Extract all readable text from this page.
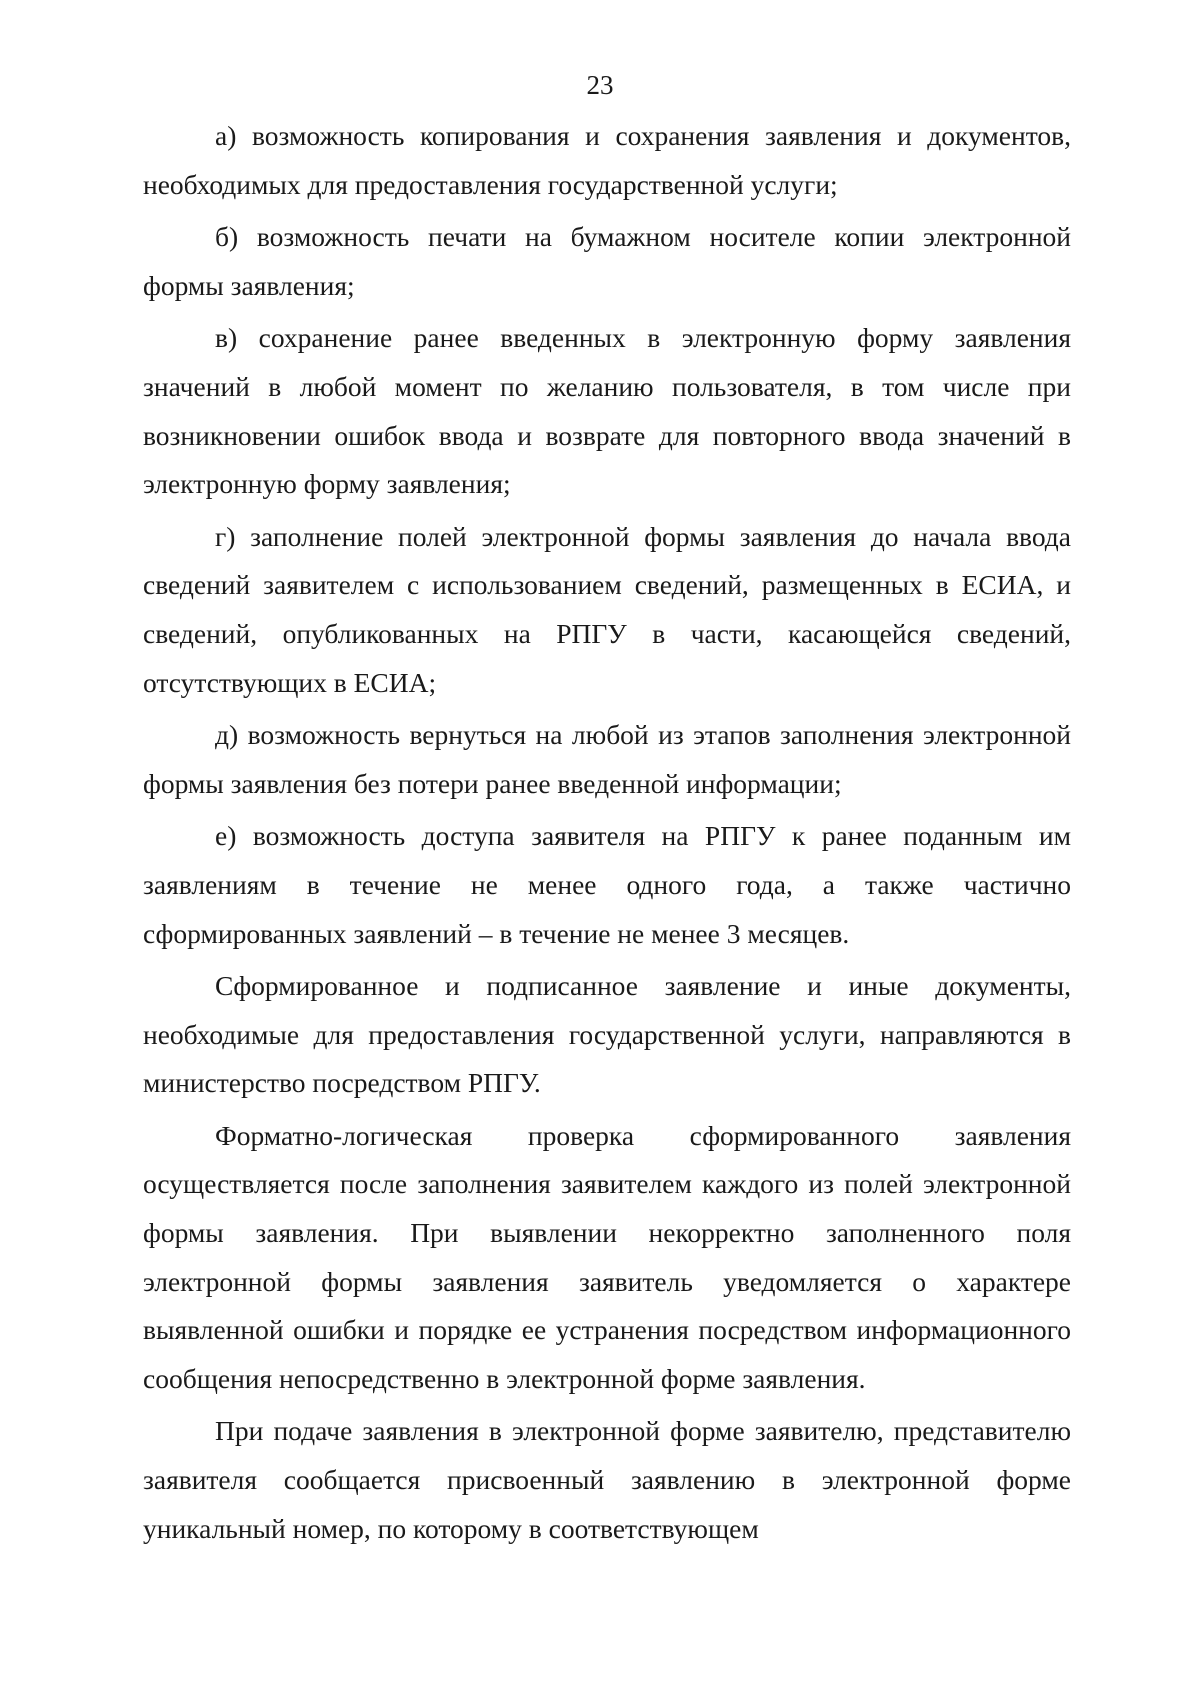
23

а) возможность копирования и сохранения заявления и документов, необходимых для предоставления государственной услуги;

б) возможность печати на бумажном носителе копии электронной формы заявления;

в) сохранение ранее введенных в электронную форму заявления значений в любой момент по желанию пользователя, в том числе при возникновении ошибок ввода и возврате для повторного ввода значений в электронную форму заявления;

г) заполнение полей электронной формы заявления до начала ввода сведений заявителем с использованием сведений, размещенных в ЕСИА, и сведений, опубликованных на РПГУ в части, касающейся сведений, отсутствующих в ЕСИА;

д) возможность вернуться на любой из этапов заполнения электронной формы заявления без потери ранее введенной информации;

е) возможность доступа заявителя на РПГУ к ранее поданным им заявлениям в течение не менее одного года, а также частично сформированных заявлений – в течение не менее 3 месяцев.

Сформированное и подписанное заявление и иные документы, необходимые для предоставления государственной услуги, направляются в министерство посредством РПГУ.

Форматно-логическая проверка сформированного заявления осуществляется после заполнения заявителем каждого из полей электронной формы заявления. При выявлении некорректно заполненного поля электронной формы заявления заявитель уведомляется о характере выявленной ошибки и порядке ее устранения посредством информационного сообщения непосредственно в электронной форме заявления.

При подаче заявления в электронной форме заявителю, представителю заявителя сообщается присвоенный заявлению в электронной форме уникальный номер, по которому в соответствующем
